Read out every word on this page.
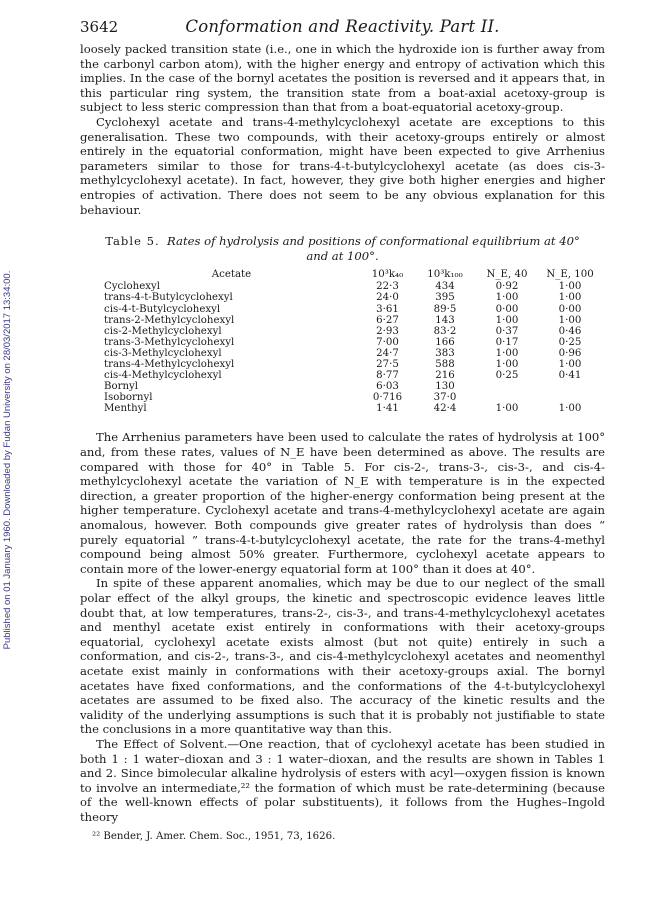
Published on 01 January 1960. Downloaded by Fudan University on 28/03/2017 13:34:00.
3642	Conformation and Reactivity. Part II.

loosely packed transition state (i.e., one in which the hydroxide ion is further away from the carbonyl carbon atom), with the higher energy and entropy of activation which this implies. In the case of the bornyl acetates the position is reversed and it appears that, in this particular ring system, the transition state from a boat-axial acetoxy-group is subject to less steric compression than that from a boat-equatorial acetoxy-group.

Cyclohexyl acetate and trans-4-methylcyclohexyl acetate are exceptions to this generalisation. These two compounds, with their acetoxy-groups entirely or almost entirely in the equatorial conformation, might have been expected to give Arrhenius parameters similar to those for trans-4-t-butylcyclohexyl acetate (as does cis-3-methylcyclohexyl acetate). In fact, however, they give both higher energies and higher entropies of activation. There does not seem to be any obvious explanation for this behaviour.

Table 5. Rates of hydrolysis and positions of conformational equilibrium at 40°
and at 100°.
Acetate	10³k₄₀	10³k₁₀₀	N_E, 40	N_E, 100
Cyclohexyl	22·3	434	0·92	1·00
trans-4-t-Butylcyclohexyl	24·0	395	1·00	1·00
cis-4-t-Butylcyclohexyl	3·61	89·5	0·00	0·00
trans-2-Methylcyclohexyl	6·27	143	1·00	1·00
cis-2-Methylcyclohexyl	2·93	83·2	0·37	0·46
trans-3-Methylcyclohexyl	7·00	166	0·17	0·25
cis-3-Methylcyclohexyl	24·7	383	1·00	0·96
trans-4-Methylcyclohexyl	27·5	588	1·00	1·00
cis-4-Methylcyclohexyl	8·77	216	0·25	0·41
Bornyl	6·03	130		
Isobornyl	0·716	37·0		
Menthyl	1·41	42·4	1·00	1·00

The Arrhenius parameters have been used to calculate the rates of hydrolysis at 100° and, from these rates, values of N_E have been determined as above. The results are compared with those for 40° in Table 5. For cis-2-, trans-3-, cis-3-, and cis-4-methylcyclohexyl acetate the variation of N_E with temperature is in the expected direction, a greater proportion of the higher-energy conformation being present at the higher temperature. Cyclohexyl acetate and trans-4-methylcyclohexyl acetate are again anomalous, however. Both compounds give greater rates of hydrolysis than does “ purely equatorial ” trans-4-t-butylcyclohexyl acetate, the rate for the trans-4-methyl compound being almost 50% greater. Furthermore, cyclohexyl acetate appears to contain more of the lower-energy equatorial form at 100° than it does at 40°.

In spite of these apparent anomalies, which may be due to our neglect of the small polar effect of the alkyl groups, the kinetic and spectroscopic evidence leaves little doubt that, at low temperatures, trans-2-, cis-3-, and trans-4-methylcyclohexyl acetates and menthyl acetate exist entirely in conformations with their acetoxy-groups equatorial, cyclohexyl acetate exists almost (but not quite) entirely in such a conformation, and cis-2-, trans-3-, and cis-4-methylcyclohexyl acetates and neomenthyl acetate exist mainly in conformations with their acetoxy-groups axial. The bornyl acetates have fixed conformations, and the conformations of the 4-t-butylcyclohexyl acetates are assumed to be fixed also. The accuracy of the kinetic results and the validity of the underlying assumptions is such that it is probably not justifiable to state the conclusions in a more quantitative way than this.

The Effect of Solvent.—One reaction, that of cyclohexyl acetate has been studied in both 1 : 1 water–dioxan and 3 : 1 water–dioxan, and the results are shown in Tables 1 and 2. Since bimolecular alkaline hydrolysis of esters with acyl—oxygen fission is known to involve an intermediate,²² the formation of which must be rate-determining (because of the well-known effects of polar substituents), it follows from the Hughes–Ingold theory

²² Bender, J. Amer. Chem. Soc., 1951, 73, 1626.
